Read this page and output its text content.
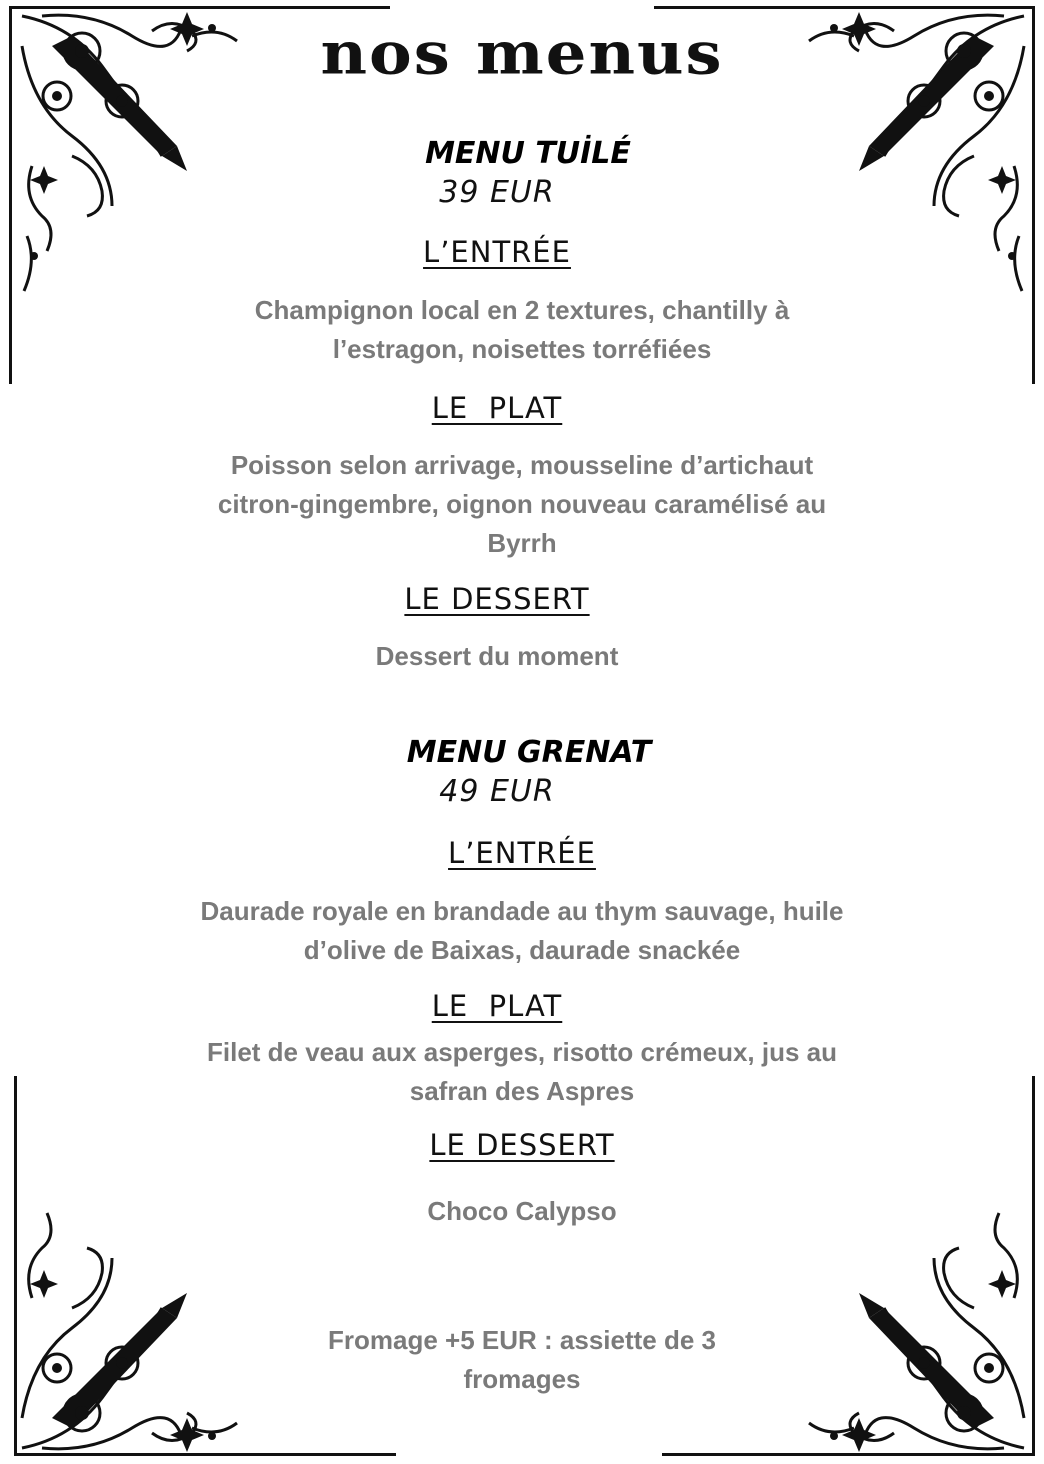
nos menus
MENU TUİLÉ
39 EUR
L’ENTRÉE
Champignon local en 2 textures, chantilly à
l’estragon, noisettes torréfiées
LE  PLAT
Poisson selon arrivage, mousseline d’artichaut
citron-gingembre, oignon nouveau caramélisé au
Byrrh
LE DESSERT
Dessert du moment
MENU GRENAT
49 EUR
L’ENTRÉE
Daurade royale en brandade au thym sauvage, huile
d’olive de Baixas, daurade snackée
LE  PLAT
Filet de veau aux asperges, risotto crémeux, jus au
safran des Aspres
LE DESSERT
Choco Calypso
Fromage +5 EUR : assiette de 3
fromages
